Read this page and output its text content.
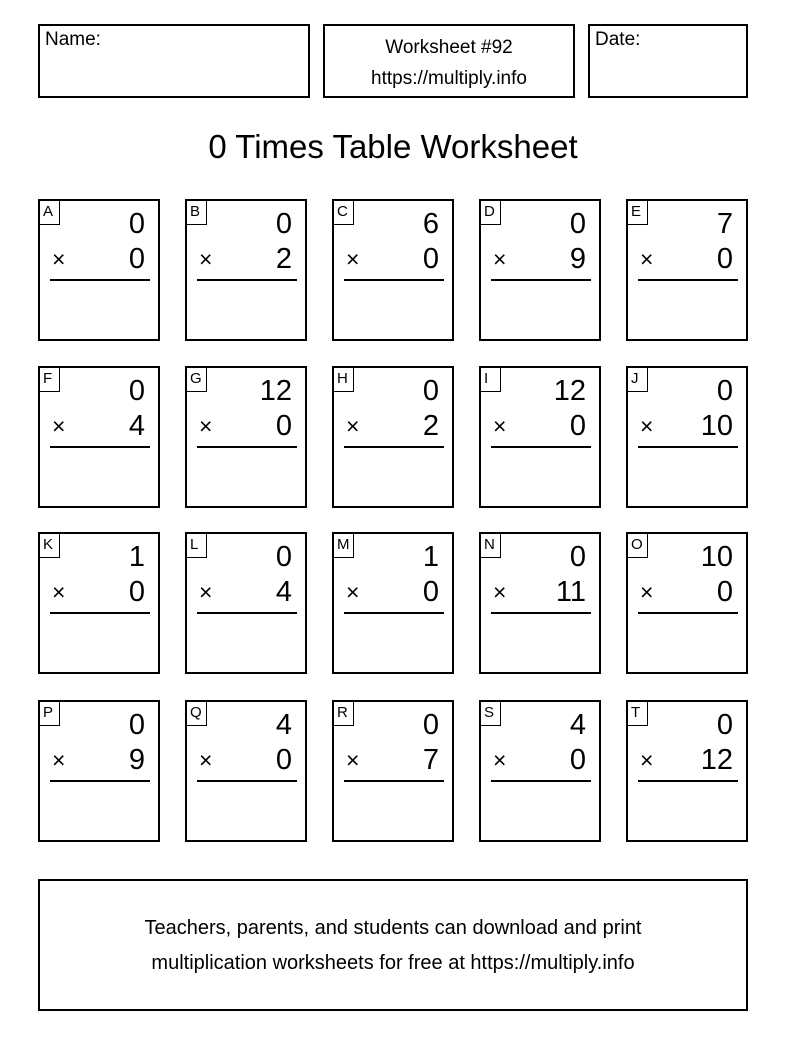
Name:	Worksheet #92
https://multiply.info
Date:
0 Times Table Worksheet
A	0
× 0
B	0
× 2
C	6
× 0
D	0
× 9
E	7
× 0
F	0
× 4
G 12
× 0
H	0
× 2
I	12
× 0
J	0
× 10
K	1
× 0
L	0
× 4
M	1
× 0
N	0
× 11
O 10
× 0
P	0
× 9
Q	4
× 0
R	0
× 7
S	4
× 0
T	0
× 12
Teachers, parents, and students can download and print
multiplication worksheets for free at https://multiply.info
